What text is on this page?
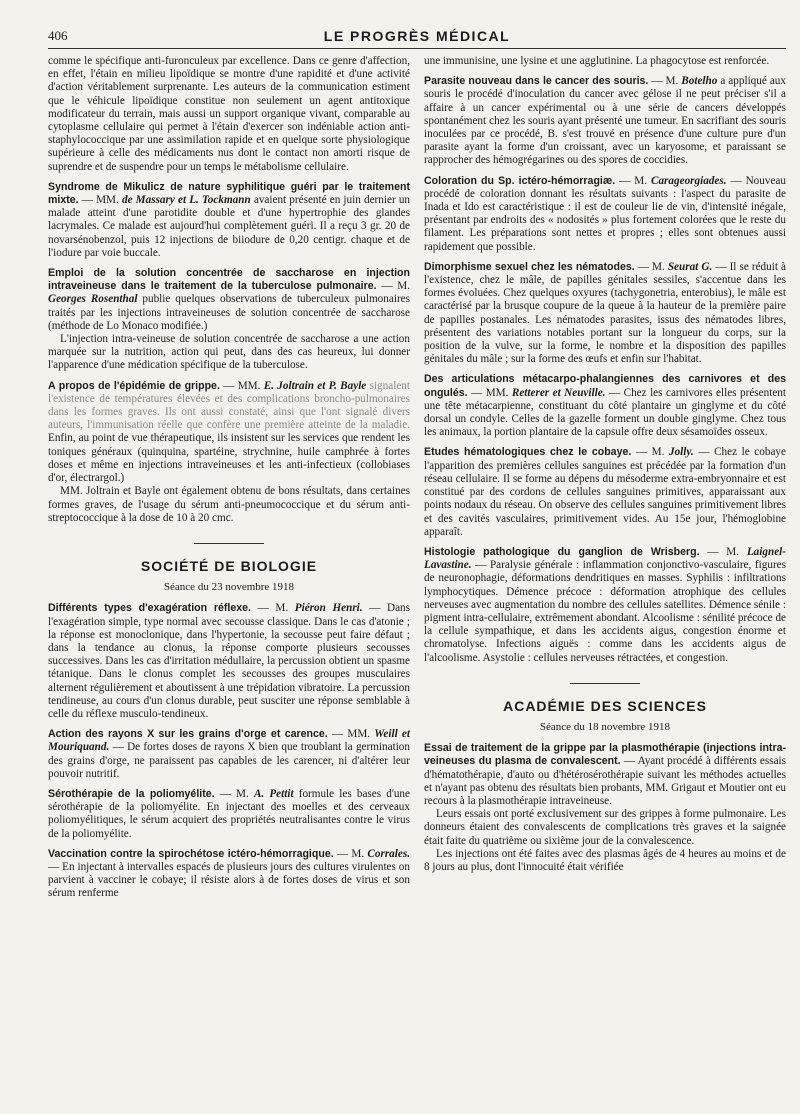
406	LE PROGRÈS MÉDICAL

comme le spécifique anti-furonculeux par excellence. Dans ce genre d'affection, en effet, l'étain en milieu lipoïdique se montre d'une rapidité et d'une activité d'action véritablement surprenante. Les auteurs de la communication estiment que le véhicule lipoïdique constitue non seulement un agent antitoxique modificateur du terrain, mais aussi un support organique vivant, comparable au cytoplasme cellulaire qui permet à l'étain d'exercer son indéniable action anti-staphylococcique par une assimilation rapide et en quelque sorte physiologique supérieure à celle des médicaments nus dont le contact non amorti risque de suprendre et de suspendre pour un temps le métabolisme cellulaire.

Syndrome de Mikulicz de nature syphilitique guéri par le traitement mixte. — MM. de Massary et L. Tockmann avaient présenté en juin dernier un malade atteint d'une parotidite double et d'une hypertrophie des glandes lacrymales. Ce malade est aujourd'hui complètement guéri. Il a reçu 3 gr. 20 de novarsénobenzol, puis 12 injections de biiodure de 0,20 centigr. chaque et de l'iodure par voie buccale.

Emploi de la solution concentrée de saccharose en injection intraveineuse dans le traitement de la tuberculose pulmonaire. — M. Georges Rosenthal publie quelques observations de tuberculeux pulmonaires traités par les injections intraveineuses de solution concentrée de saccharose (méthode de Lo Monaco modifiée.)

L'injection intra-veineuse de solution concentrée de saccharose a une action marquée sur la nutrition, action qui peut, dans des cas heureux, lui donner l'apparence d'une médication spécifique de la tuberculose.

A propos de l'épidémie de grippe. — MM. E. Joltrain et P. Bayle signalent l'existence de températures élevées et des complications broncho-pulmonaires dans les formes graves. Ils ont aussi constaté, ainsi que l'ont signalé divers auteurs, l'immunisation réelle que confère une première atteinte de la maladie. Enfin, au point de vue thérapeutique, ils insistent sur les services que rendent les toniques généraux (quinquina, spartéine, strychnine, huile camphrée à fortes doses et même en injections intraveineuses et les anti-infectieux (collobiases d'or, électrargol.)

MM. Joltrain et Bayle ont également obtenu de bons résultats, dans certaines formes graves, de l'usage du sérum anti-pneumococcique et du sérum anti-streptococcique à la dose de 10 à 20 cmc.

SOCIÉTÉ DE BIOLOGIE
Séance du 23 novembre 1918

Différents types d'exagération réflexe. — M. Piéron Henri. — Dans l'exagération simple, type normal avec secousse classique. Dans le cas d'atonie ; la réponse est monoclonique, dans l'hypertonie, la secousse peut faire défaut ; dans la tendance au clonus, la réponse comporte plusieurs secousses successives. Dans les cas d'irritation médullaire, la percussion obtient un spasme tétanique. Dans le clonus complet les secousses des groupes musculaires alternent régulièrement et aboutissent à une trépidation vibratoire. La percussion tendineuse, au cours d'un clonus durable, peut susciter une réponse semblable à celle du réflexe musculo-tendineux.

Action des rayons X sur les grains d'orge et carence. — MM. Weill et Mouriquand. — De fortes doses de rayons X bien que troublant la germination des grains d'orge, ne paraissent pas capables de les carencer, ni d'altérer leur pouvoir nutritif.

Sérothérapie de la poliomyélite. — M. A. Pettit formule les bases d'une sérothérapie de la poliomyélite. En injectant des moelles et des cerveaux poliomyélitiques, le sérum acquiert des propriétés neutralisantes contre le virus de la poliomyélite.

Vaccination contre la spirochétose ictéro-hémorragique. — M. Corrales. — En injectant à intervalles espacés de plusieurs jours des cultures virulentes on parvient à vacciner le cobaye; il résiste alors à de fortes doses de virus et son sérum renferme

une immunisine, une lysine et une agglutinine. La phagocytose est renforcée.

Parasite nouveau dans le cancer des souris. — M. Botelho a appliqué aux souris le procédé d'inoculation du cancer avec gélose il ne peut préciser s'il a affaire à un cancer expérimental ou à une série de cancers développés spontanément chez les souris ayant présenté une tumeur. En sacrifiant des souris inoculées par ce procédé, B. s'est trouvé en présence d'une culture pure d'un parasite ayant la forme d'un croissant, avec un karyosome, et paraissant se rapprocher des hémogrégarines ou des spores de coccidies.

Coloration du Sp. ictéro-hémorragiæ. — M. Carageorgiades. — Nouveau procédé de coloration donnant les résultats suivants : l'aspect du parasite de Inada et Ido est caractéristique : il est de couleur lie de vin, d'intensité inégale, présentant par endroits des « nodosités » plus fortement colorées que le reste du filament. Les préparations sont nettes et propres ; elles sont obtenues aussi rapidement que possible.

Dimorphisme sexuel chez les nématodes. — M. Seurat G. — Il se réduit à l'existence, chez le mâle, de papilles génitales sessiles, s'accentue dans les formes évoluées. Chez quelques oxyures (tachygonetria, enterobius), le mâle est caractérisé par la brusque coupure de la queue à la hauteur de la première paire de papilles postanales. Les nématodes parasites, issus des nématodes libres, présentent des variations notables portant sur la longueur du corps, sur la position de la vulve, sur la forme, le nombre et la disposition des papilles génitales du mâle ; sur la forme des œufs et enfin sur l'habitat.

Des articulations métacarpo-phalangiennes des carnivores et des ongulés. — MM. Retterer et Neuville. — Chez les carnivores elles présentent une tête métacarpienne, constituant du côté plantaire un ginglyme et du côté dorsal un condyle. Celles de la gazelle forment un double ginglyme. Chez tous les animaux, la portion plantaire de la capsule offre deux sésamoïdes osseux.

Etudes hématologiques chez le cobaye. — M. Jolly. — Chez le cobaye l'apparition des premières cellules sanguines est précédée par la formation d'un réseau cellulaire. Il se forme au dépens du mésoderme extra-embryonnaire et est constitué par des cordons de cellules sanguines primitives, apparaissant aux points nodaux du réseau. On observe des cellules sanguines primitivement libres et des cavités vasculaires, primitivement vides. Au 15e jour, l'hémoglobine apparaît.

Histologie pathologique du ganglion de Wrisberg. — M. Laignel-Lavastine. — Paralysie générale : inflammation conjonctivo-vasculaire, figures de neuronophagie, déformations dendritiques en masses. Syphilis : infiltrations lymphocytiques. Démence précoce : déformation atrophique des cellules nerveuses avec augmentation du nombre des cellules satellites. Démence sénile : pigment intra-cellulaire, extrêmement abondant. Alcoolisme : sénilité précoce de la cellule sympathique, et dans les accidents aigus, congestion énorme et chromatolyse. Infections aiguës : comme dans les accidents aigus de l'alcoolisme. Asystolie : cellules nerveuses rétractées, et congestion.

ACADÉMIE DES SCIENCES
Séance du 18 novembre 1918

Essai de traitement de la grippe par la plasmothérapie (injections intra-veineuses du plasma de convalescent. — Ayant procédé à différents essais d'hématothérapie, d'auto ou d'hétérosérothérapie suivant les méthodes actuelles et n'ayant pas obtenu des résultats bien probants, MM. Grigaut et Moutier ont eu recours à la plasmothérapie intraveineuse.

Leurs essais ont porté exclusivement sur des grippes à forme pulmonaire. Les donneurs étaient des convalescents de complications très graves et la saignée était faite du quatrième ou sixième jour de la convalescence.

Les injections ont été faites avec des plasmas âgés de 4 heures au moins et de 8 jours au plus, dont l'innocuité était vérifiée
